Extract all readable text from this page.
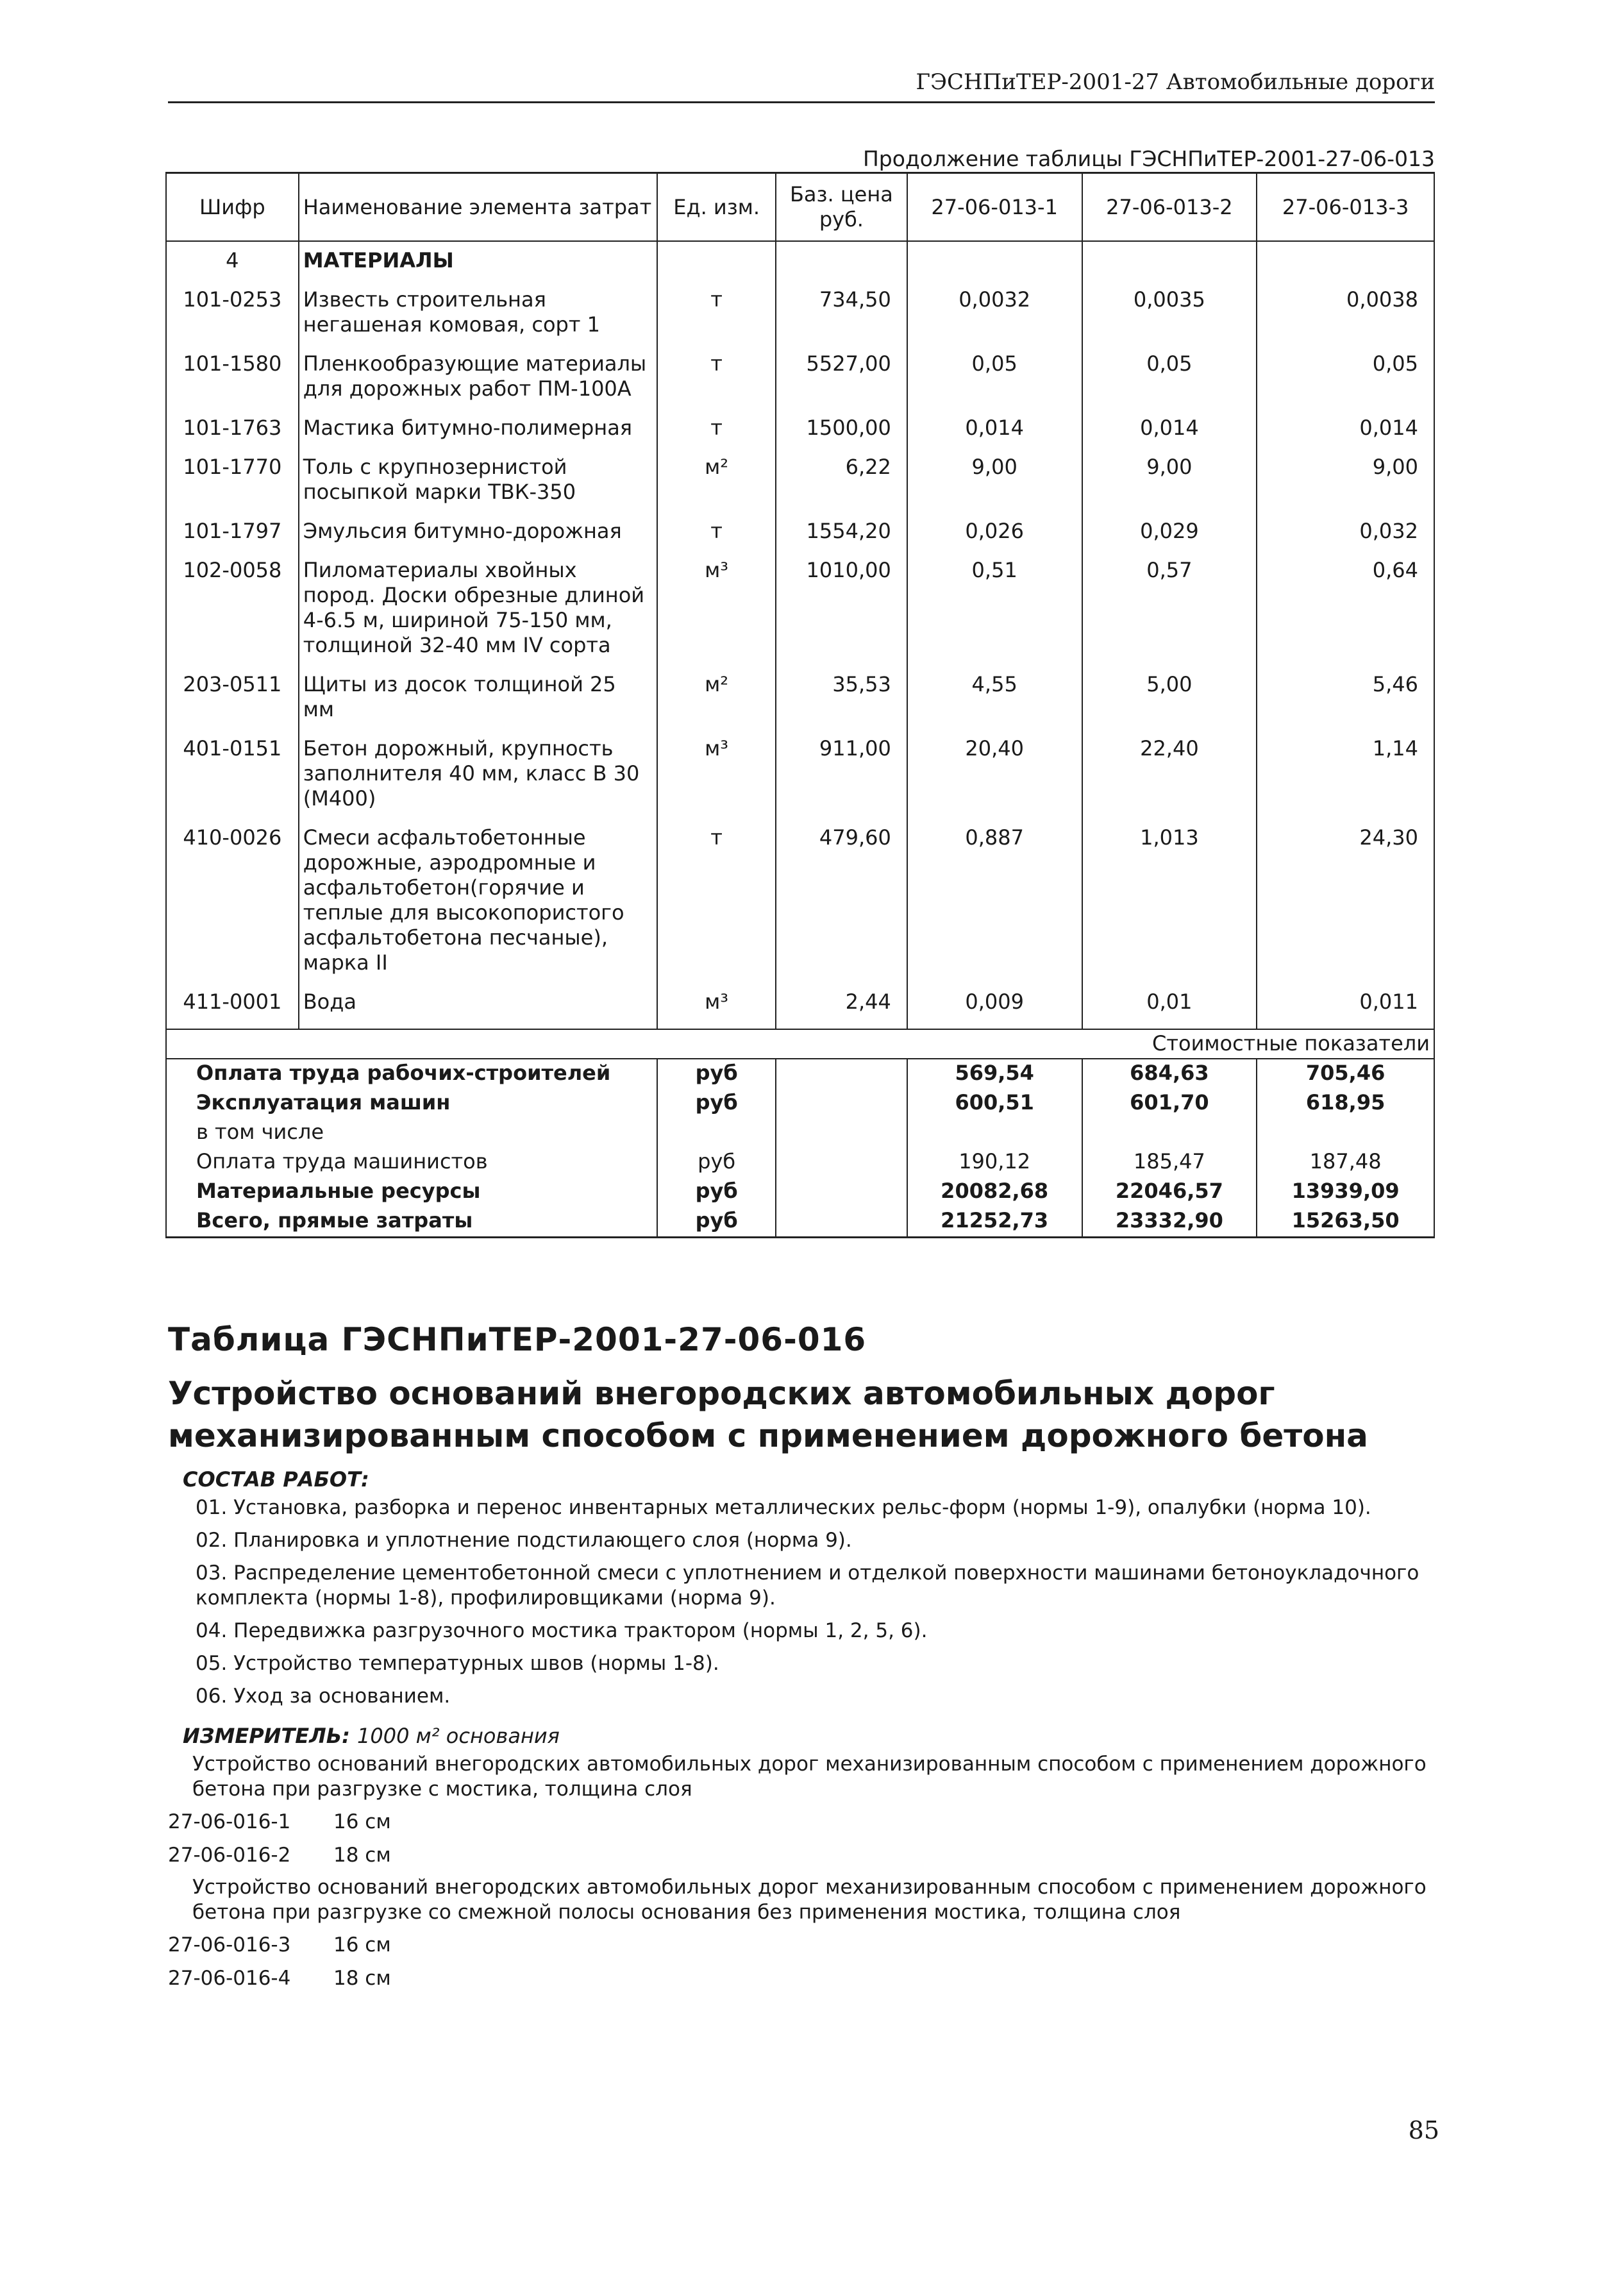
ГЭСНПиТЕР-2001-27 Автомобильные дороги
Продолжение таблицы ГЭСНПиТЕР-2001-27-06-013
Шифр	Наименование элемента затрат	Ед. изм.	Баз. цена руб.	27-06-013-1	27-06-013-2	27-06-013-3
4	МАТЕРИАЛЫ					
101-0253	Известь строительная негашеная комовая, сорт 1	т	734,50	0,0032	0,0035	0,0038
101-1580	Пленкообразующие материалы для дорожных работ ПМ-100А	т	5527,00	0,05	0,05	0,05
101-1763	Мастика битумно-полимерная	т	1500,00	0,014	0,014	0,014
101-1770	Толь с крупнозернистой посыпкой марки ТВК-350	м²	6,22	9,00	9,00	9,00
101-1797	Эмульсия битумно-дорожная	т	1554,20	0,026	0,029	0,032
102-0058	Пиломатериалы хвойных пород. Доски обрезные длиной 4-6.5 м, шириной 75-150 мм, толщиной 32-40 мм IV сорта	м³	1010,00	0,51	0,57	0,64
203-0511	Щиты из досок толщиной 25 мм	м²	35,53	4,55	5,00	5,46
401-0151	Бетон дорожный, крупность заполнителя 40 мм, класс В 30 (М400)	м³	911,00	20,40	22,40	1,14
410-0026	Смеси асфальтобетонные дорожные, аэродромные и асфальтобетон(горячие и теплые для высокопористого асфальтобетона песчаные), марка II	т	479,60	0,887	1,013	24,30
411-0001	Вода	м³	2,44	0,009	0,01	0,011
Стоимостные показатели						
Оплата труда рабочих-строителей		руб		569,54	684,63	705,46
Эксплуатация машин		руб		600,51	601,70	618,95
в том числе						
Оплата труда машинистов		руб		190,12	185,47	187,48
Материальные ресурсы		руб		20082,68	22046,57	13939,09
Всего, прямые затраты		руб		21252,73	23332,90	15263,50
Таблица ГЭСНПиТЕР-2001-27-06-016
Устройство оснований внегородских автомобильных дорог механизированным способом с применением дорожного бетона
СОСТАВ РАБОТ:

01. Установка, разборка и перенос инвентарных металлических рельс-форм (нормы 1-9), опалубки (норма 10).

02. Планировка и уплотнение подстилающего слоя (норма 9).

03. Распределение цементобетонной смеси с уплотнением и отделкой поверхности машинами бетоноукладочного комплекта (нормы 1-8), профилировщиками (норма 9).

04. Передвижка разгрузочного мостика трактором (нормы 1, 2, 5, 6).

05. Устройство температурных швов (нормы 1-8).

06. Уход за основанием.

ИЗМЕРИТЕЛЬ: 1000 м² основания
Устройство оснований внегородских автомобильных дорог механизированным способом с применением дорожного бетона при разгрузке с мостика, толщина слоя
27-06-016-1 16 см
27-06-016-2 18 см
Устройство оснований внегородских автомобильных дорог механизированным способом с применением дорожного бетона при разгрузке со смежной полосы основания без применения мостика, толщина слоя
27-06-016-3 16 см
27-06-016-4 18 см
85
